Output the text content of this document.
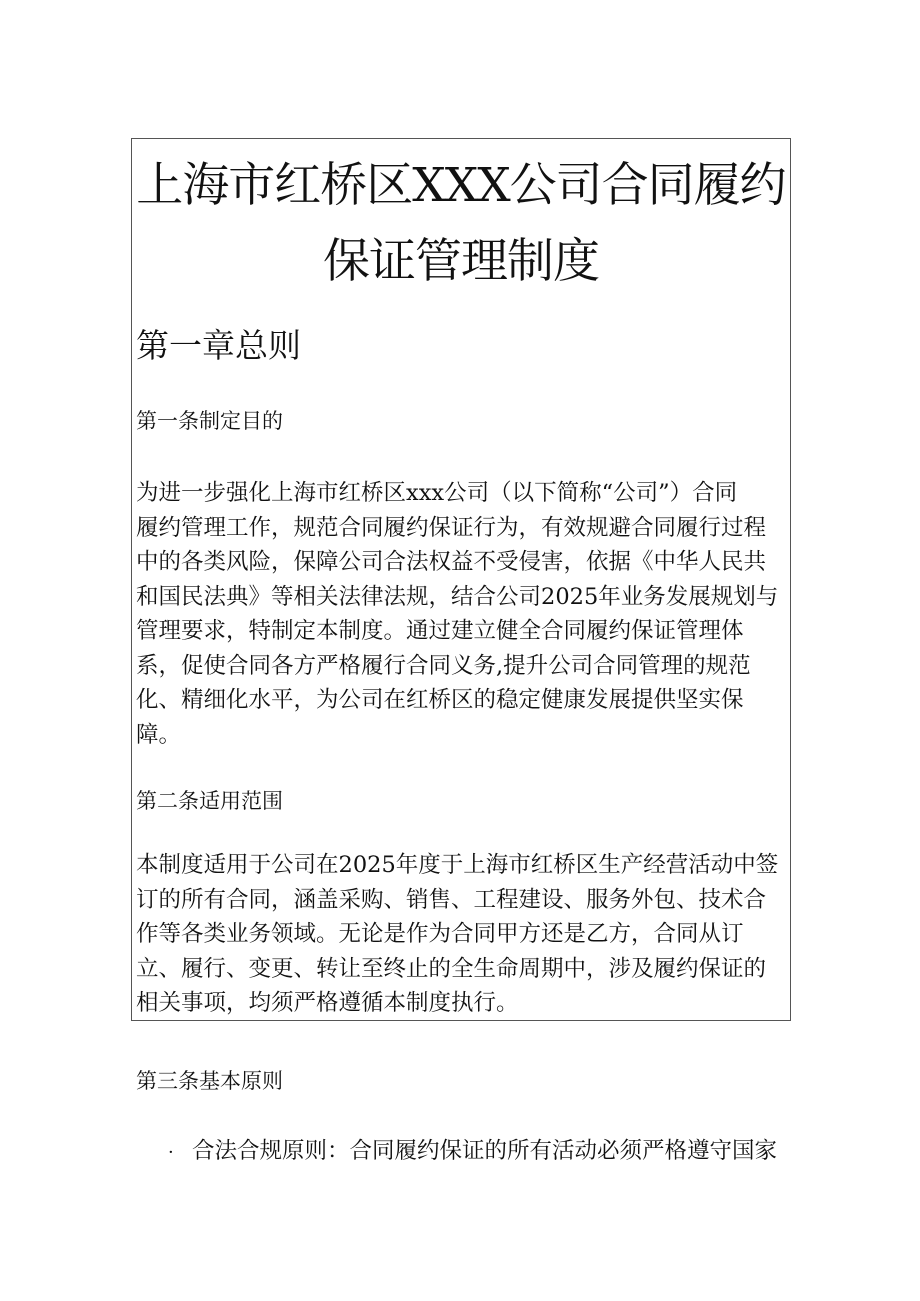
上海市红桥区XXX公司合同履约
保证管理制度
第一章总则
第一条制定目的

为进一步强化上海市红桥区xxx公司（以下简称“公司”）合同
履约管理工作，规范合同履约保证行为，有效规避合同履行过程
中的各类风险，保障公司合法权益不受侵害，依据《中华人民共
和国民法典》等相关法律法规，结合公司2025年业务发展规划与
管理要求，特制定本制度。通过建立健全合同履约保证管理体
系，促使合同各方严格履行合同义务,提升公司合同管理的规范
化、精细化水平，为公司在红桥区的稳定健康发展提供坚实保
障。

第二条适用范围

本制度适用于公司在2025年度于上海市红桥区生产经营活动中签
订的所有合同，涵盖采购、销售、工程建设、服务外包、技术合
作等各类业务领域。无论是作为合同甲方还是乙方，合同从订
立、履行、变更、转让至终止的全生命周期中，涉及履约保证的
相关事项，均须严格遵循本制度执行。

第三条基本原则

· 合法合规原则：合同履约保证的所有活动必须严格遵守国家
